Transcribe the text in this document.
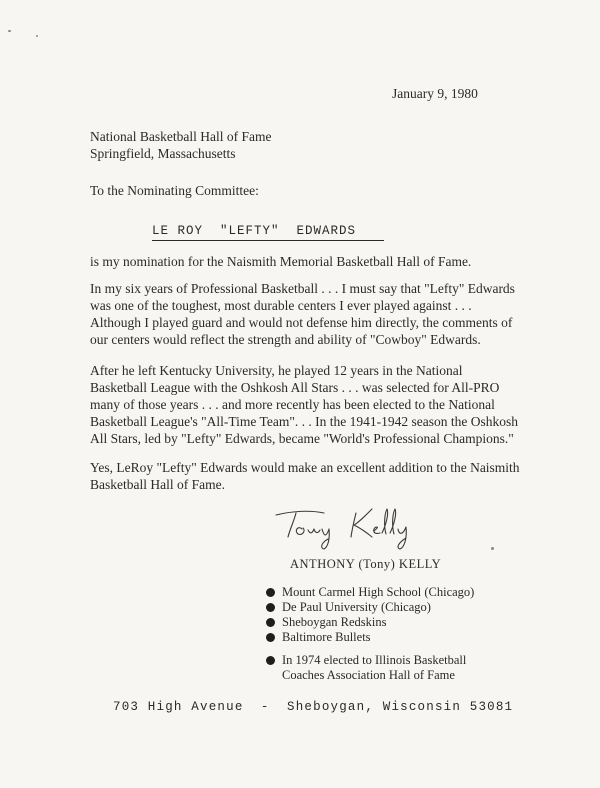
January 9, 1980
National Basketball Hall of Fame
Springfield, Massachusetts
To the Nominating Committee:
LE ROY  "LEFTY"  EDWARDS

is my nomination for the Naismith Memorial Basketball Hall of Fame.

In my six years of Professional Basketball . . . I must say that "Lefty" Edwards was one of the toughest, most durable centers I ever played against . . . Although I played guard and would not defense him directly, the comments of our centers would reflect the strength and ability of "Cowboy" Edwards.

After he left Kentucky University, he played 12 years in the National Basketball League with the Oshkosh All Stars . . . was selected for All-PRO many of those years . . . and more recently has been elected to the National Basketball League's "All-Time Team". . . In the 1941-1942 season the Oshkosh All Stars, led by "Lefty" Edwards, became "World's Professional Champions."

Yes, LeRoy "Lefty" Edwards would make an excellent addition to the Naismith Basketball Hall of Fame.

ANTHONY (Tony) KELLY
Mount Carmel High School (Chicago)
De Paul University (Chicago)
Sheboygan Redskins
Baltimore Bullets
In 1974 elected to Illinois Basketball Coaches Association Hall of Fame
703 High Avenue  -  Sheboygan, Wisconsin 53081
